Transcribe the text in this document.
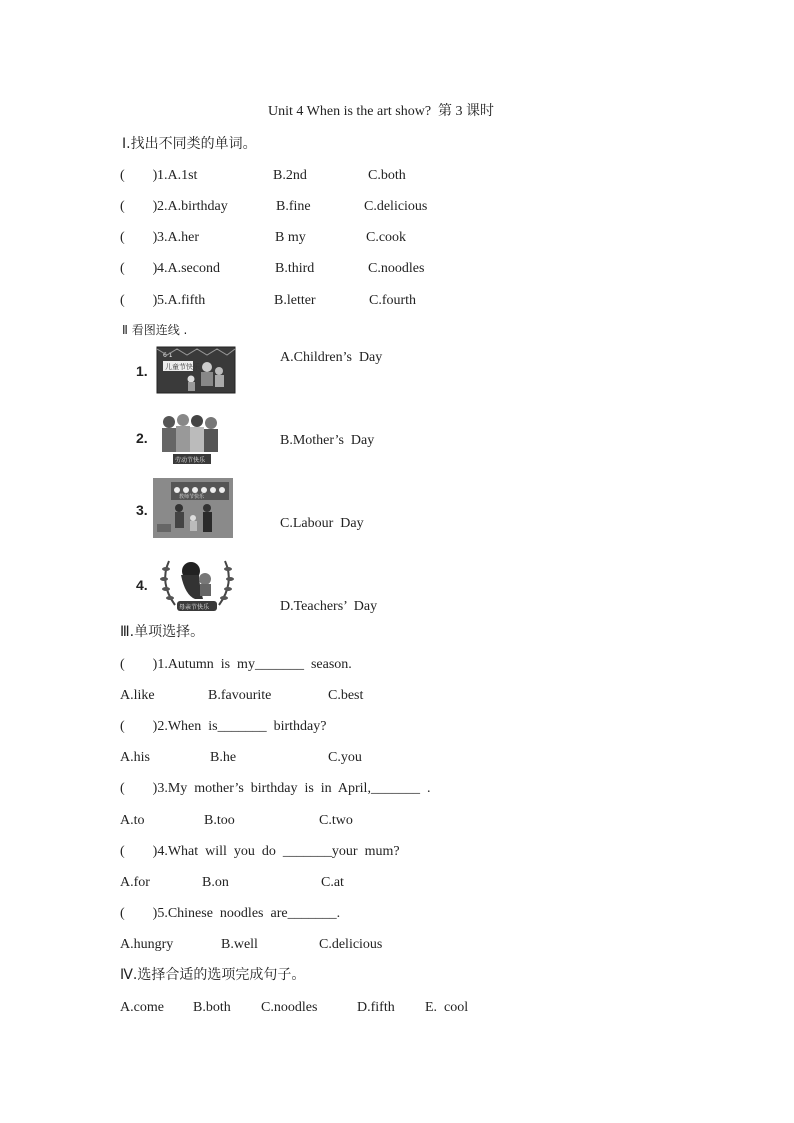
Unit 4 When is the art show?  第 3 课时
Ⅰ.找出不同类的单词。
(        ) 1.A.1st	B.2nd	C.both
(        ) 2.A.birthday	B.fine	C.delicious
(        ) 3.A.her	B my	C.cook
(        ) 4.A.second	B.third	C.noodles
(        ) 5.A.fifth	B.letter	C.fourth
Ⅱ 看图连线 .
1.
2.
3.
4.
6·1
儿童节快乐
劳动节快乐
教师节快乐
母亲节快乐
A.Children’s  Day
B.Mother’s  Day
C.Labour  Day
D.Teachers’  Day
Ⅲ.单项选择。
(        )1.Autumn  is  my_______  season.
A.like	B.favourite	C.best
(        )2.When  is_______  birthday?
A.his	B.he	C.you
(        )3.My  mother’s  birthday  is  in  April,_______  .
A.to	B.too	C.two
(        )4.What  will  you  do  _______your  mum?
A.for	B.on	C.at
(        )5.Chinese  noodles  are_______.
A.hungry	B.well	C.delicious
Ⅳ.选择合适的选项完成句子。
A.come B.both C.noodles	D.fifth E.  cool
